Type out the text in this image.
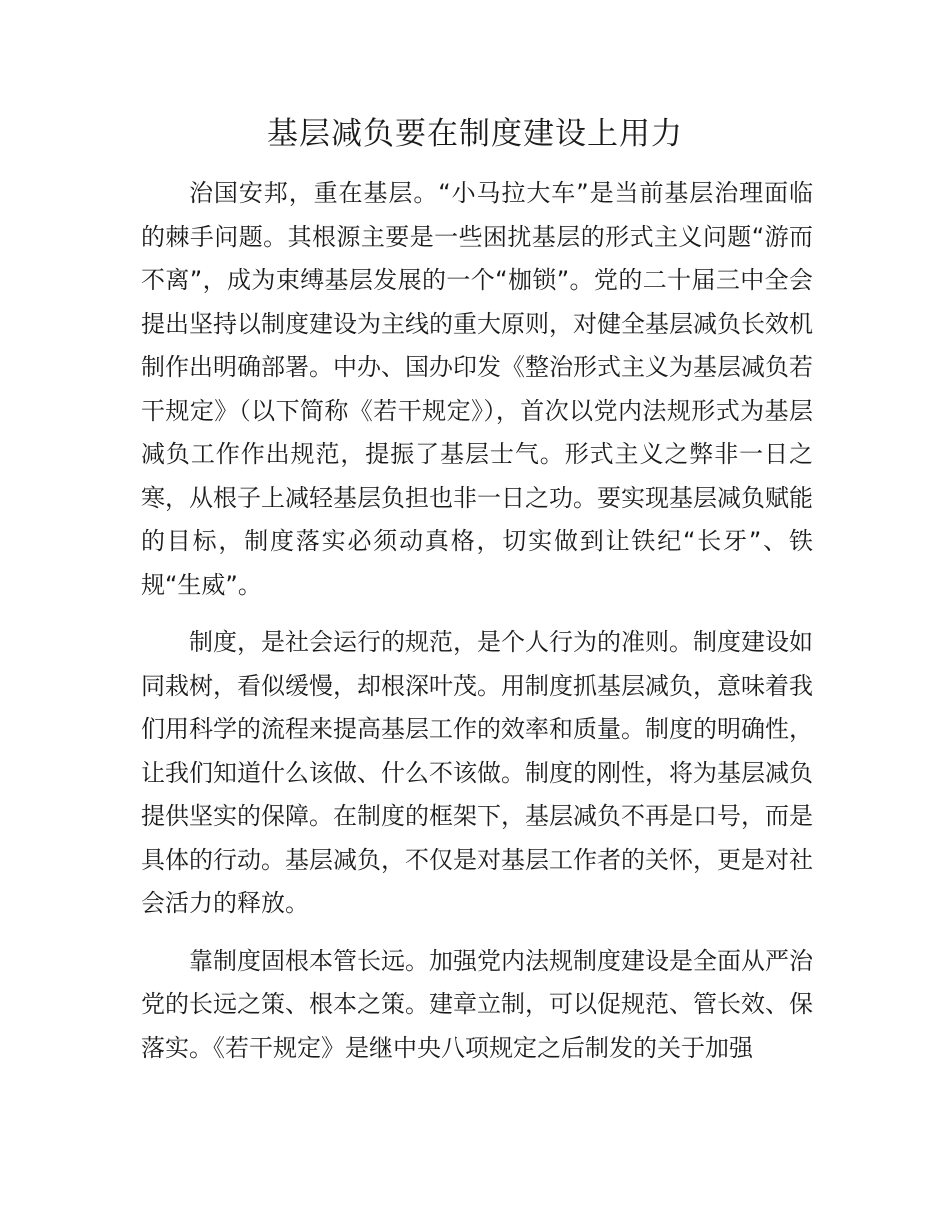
基层减负要在制度建设上用力

治国安邦，重在基层。“小马拉大车”是当前基层治理面临的棘手问题。其根源主要是一些困扰基层的形式主义问题“游而不离”，成为束缚基层发展的一个“枷锁”。党的二十届三中全会提出坚持以制度建设为主线的重大原则，对健全基层减负长效机制作出明确部署。中办、国办印发《整治形式主义为基层减负若干规定》（以下简称《若干规定》），首次以党内法规形式为基层减负工作作出规范，提振了基层士气。形式主义之弊非一日之寒，从根子上减轻基层负担也非一日之功。要实现基层减负赋能的目标，制度落实必须动真格，切实做到让铁纪“长牙”、铁规“生威”。

制度，是社会运行的规范，是个人行为的准则。制度建设如同栽树，看似缓慢，却根深叶茂。用制度抓基层减负，意味着我们用科学的流程来提高基层工作的效率和质量。制度的明确性，让我们知道什么该做、什么不该做。制度的刚性，将为基层减负提供坚实的保障。在制度的框架下，基层减负不再是口号，而是具体的行动。基层减负，不仅是对基层工作者的关怀，更是对社会活力的释放。

靠制度固根本管长远。加强党内法规制度建设是全面从严治党的长远之策、根本之策。建章立制，可以促规范、管长效、保落实。《若干规定》是继中央八项规定之后制发的关于加强
